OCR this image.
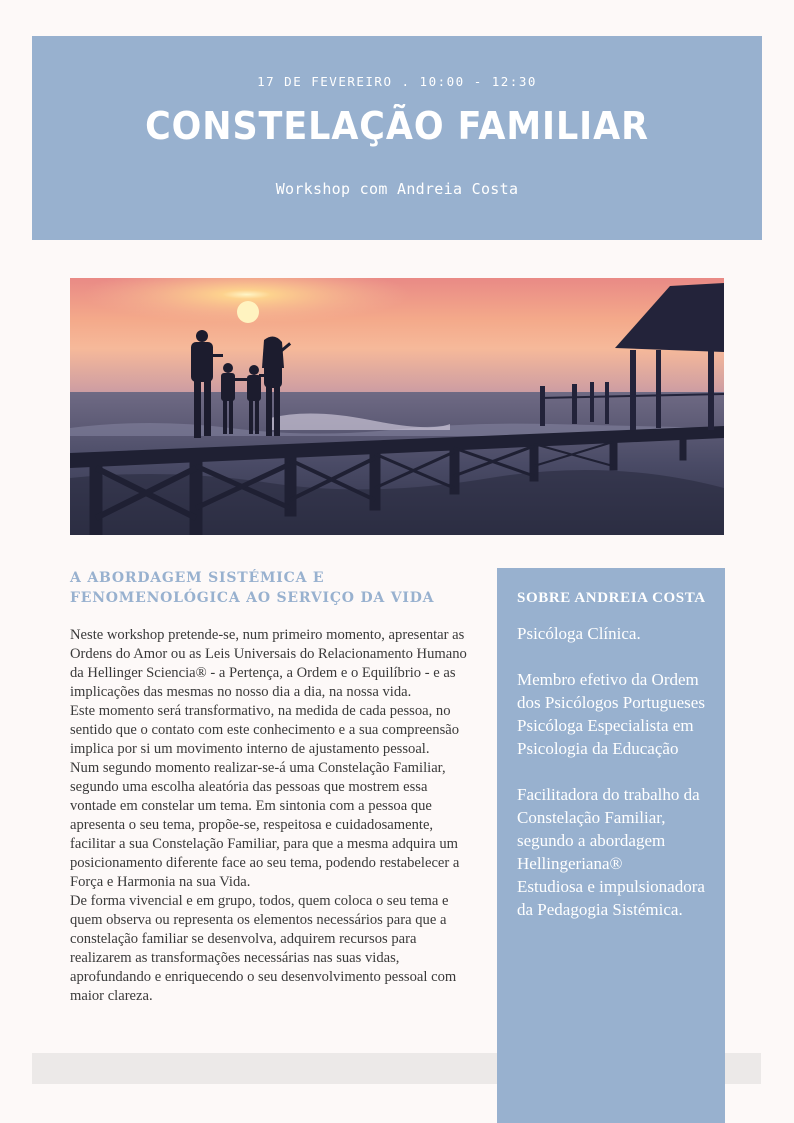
17 DE FEVEREIRO . 10:00 - 12:30
CONSTELAÇÃO FAMILIAR
Workshop com Andreia Costa
A ABORDAGEM SISTÉMICA E
FENOMENOLÓGICA AO SERVIÇO DA VIDA

Neste workshop pretende-se, num primeiro momento, apresentar as Ordens do Amor ou as Leis Universais do Relacionamento Humano da Hellinger Sciencia® - a Pertença, a Ordem e o Equilíbrio - e as implicações das mesmas no nosso dia a dia, na nossa vida.

Este momento será transformativo, na medida de cada pessoa, no sentido que o contato com este conhecimento e a sua compreensão implica por si um movimento interno de ajustamento pessoal.

Num segundo momento realizar-se-á uma Constelação Familiar, segundo uma escolha aleatória das pessoas que mostrem essa vontade em constelar um tema. Em sintonia com a pessoa que apresenta o seu tema, propõe-se, respeitosa e cuidadosamente, facilitar a sua Constelação Familiar, para que a mesma adquira um posicionamento diferente face ao seu tema, podendo restabelecer a Força e Harmonia na sua Vida.

De forma vivencial e em grupo, todos, quem coloca o seu tema e quem observa ou representa os elementos necessários para que a constelação familiar se desenvolva, adquirem recursos para realizarem as transformações necessárias nas suas vidas, aprofundando e enriquecendo o seu desenvolvimento pessoal com maior clareza.

SOBRE ANDREIA COSTA

Psicóloga Clínica.

Membro efetivo da Ordem dos Psicólogos Portugueses

Psicóloga Especialista em Psicologia da Educação

Facilitadora do trabalho da Constelação Familiar, segundo a abordagem Hellingeriana®

Estudiosa e impulsionadora da Pedagogia Sistémica.
